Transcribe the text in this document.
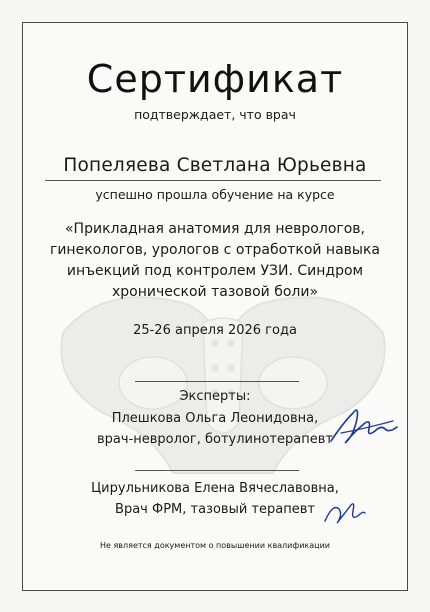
Сертификат
подтверждает, что врач
Попеляева Светлана Юрьевна
успешно прошла обучение на курсе
«Прикладная анатомия для неврологов,
гинекологов, урологов с отработкой навыка
инъекций под контролем УЗИ. Синдром
хронической тазовой боли»
25-26 апреля 2026 года
Эксперты:
Плешкова Ольга Леонидовна,
врач-невролог, ботулинотерапевт
Цирульникова Елена Вячеславовна,
Врач ФРМ, тазовый терапевт
Не является документом о повышении квалификации
